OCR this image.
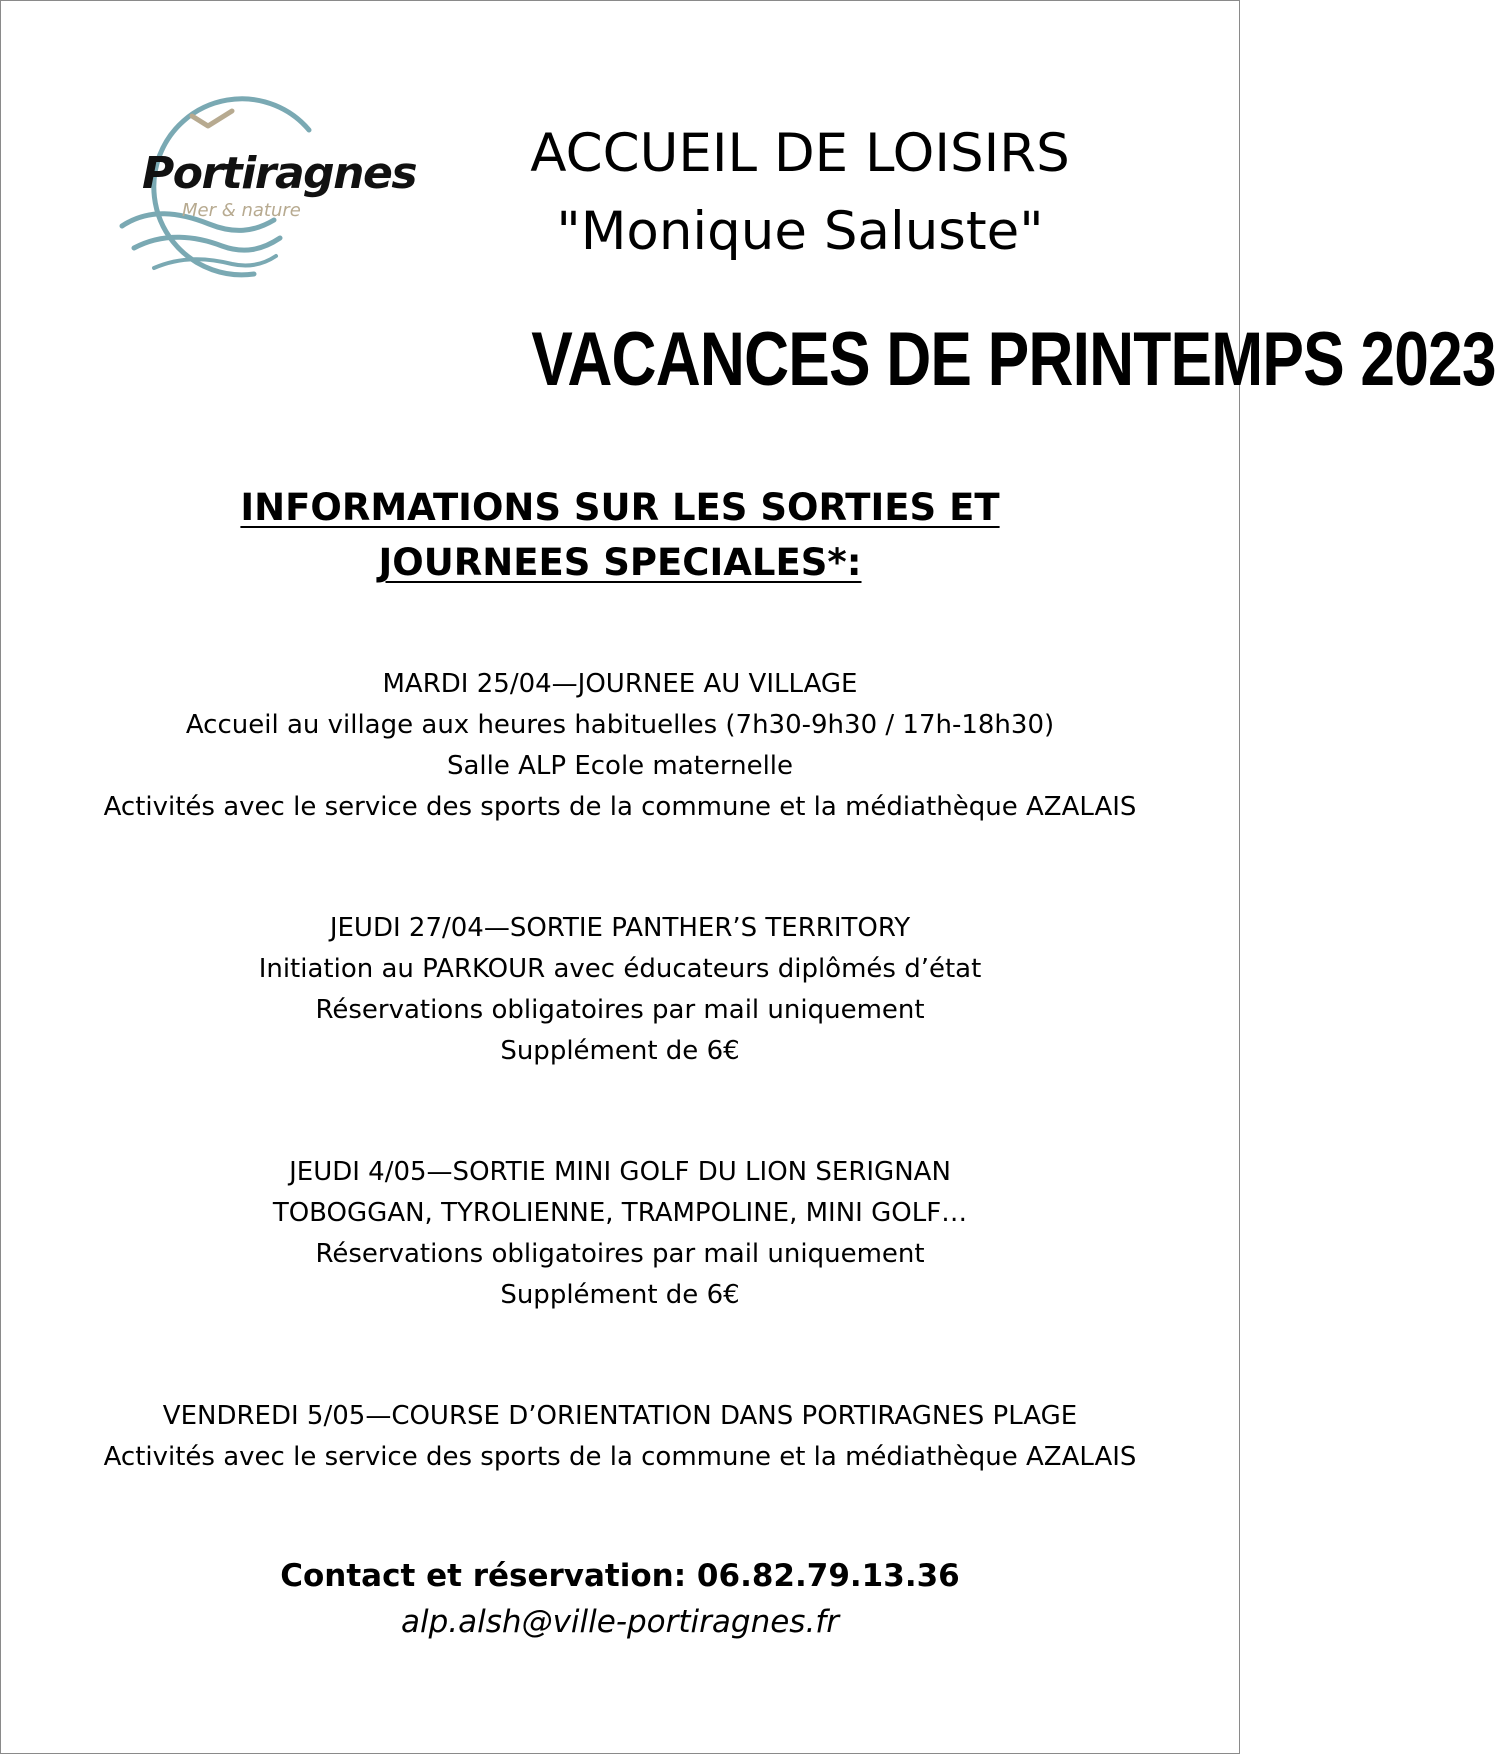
Portiragnes
Mer & nature
ACCUEIL DE LOISIRS
"Monique Saluste"
VACANCES DE PRINTEMPS 2023
INFORMATIONS SUR LES SORTIES ET
JOURNEES SPECIALES*:
MARDI 25/04—JOURNEE AU VILLAGE
Accueil au village aux heures habituelles (7h30-9h30 / 17h-18h30)
Salle ALP Ecole maternelle
Activités avec le service des sports de la commune et la médiathèque AZALAIS
JEUDI 27/04—SORTIE PANTHER’S TERRITORY
Initiation au PARKOUR avec éducateurs diplômés d’état
Réservations obligatoires par mail uniquement
Supplément de 6€
JEUDI 4/05—SORTIE MINI GOLF DU LION SERIGNAN
TOBOGGAN, TYROLIENNE, TRAMPOLINE, MINI GOLF…
Réservations obligatoires par mail uniquement
Supplément de 6€
VENDREDI 5/05—COURSE D’ORIENTATION DANS PORTIRAGNES PLAGE
Activités avec le service des sports de la commune et la médiathèque AZALAIS
Contact et réservation: 06.82.79.13.36
alp.alsh@ville-portiragnes.fr
